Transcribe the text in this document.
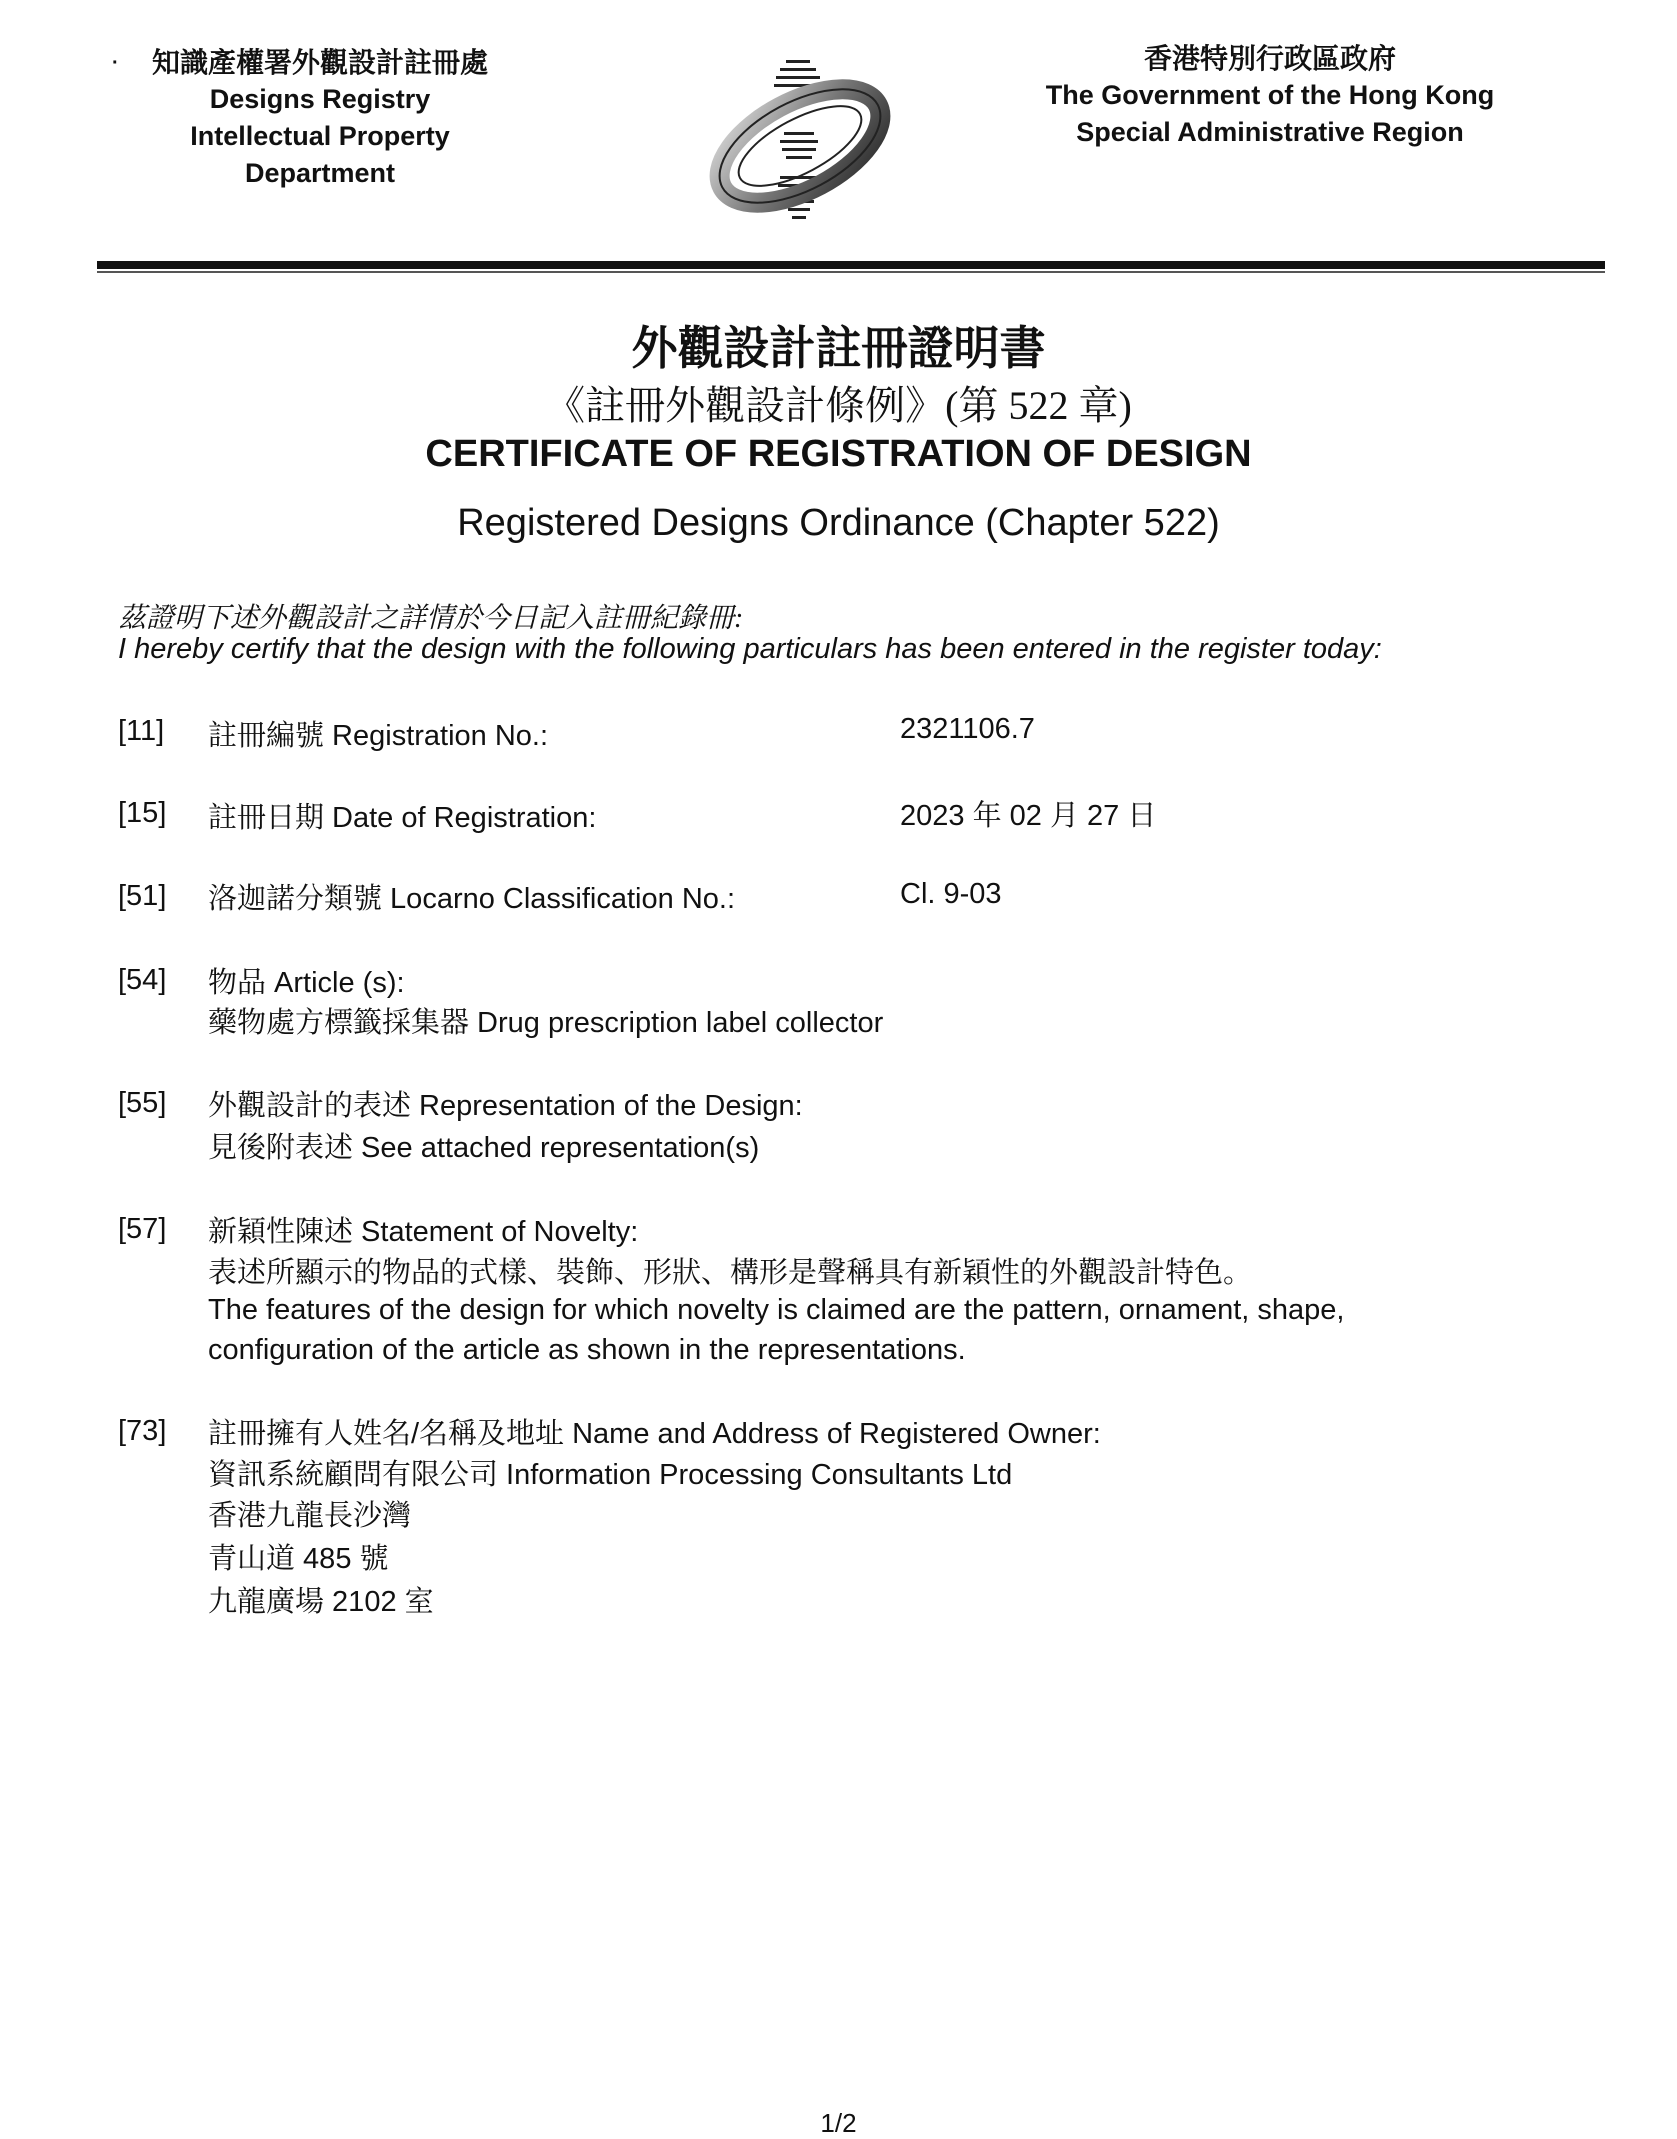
·	知識產權署外觀設計註冊處
Designs Registry
Intellectual Property Department
香港特別行政區政府
The Government of the Hong Kong
Special Administrative Region
外觀設計註冊證明書
《註冊外觀設計條例》(第 522 章)
CERTIFICATE OF REGISTRATION OF DESIGN
Registered Designs Ordinance (Chapter 522)
茲證明下述外觀設計之詳情於今日記入註冊紀錄冊:
I hereby certify that the design with the following particulars has been entered in the register today:
[11] 註冊編號 Registration No.:	2321106.7
[15] 註冊日期 Date of Registration:	2023 年 02 月 27 日
[51] 洛迦諾分類號 Locarno Classification No.:	Cl. 9-03
[54] 物品 Article (s):
藥物處方標籤採集器 Drug prescription label collector
[55] 外觀設計的表述 Representation of the Design:
見後附表述 See attached representation(s)
[57] 新穎性陳述 Statement of Novelty:
表述所顯示的物品的式樣、裝飾、形狀、構形是聲稱具有新穎性的外觀設計特色。
The features of the design for which novelty is claimed are the pattern, ornament, shape,
configuration of the article as shown in the representations.
[73] 註冊擁有人姓名/名稱及地址 Name and Address of Registered Owner:
資訊系統顧問有限公司 Information Processing Consultants Ltd
香港九龍長沙灣
青山道 485 號
九龍廣場 2102 室
1/2
